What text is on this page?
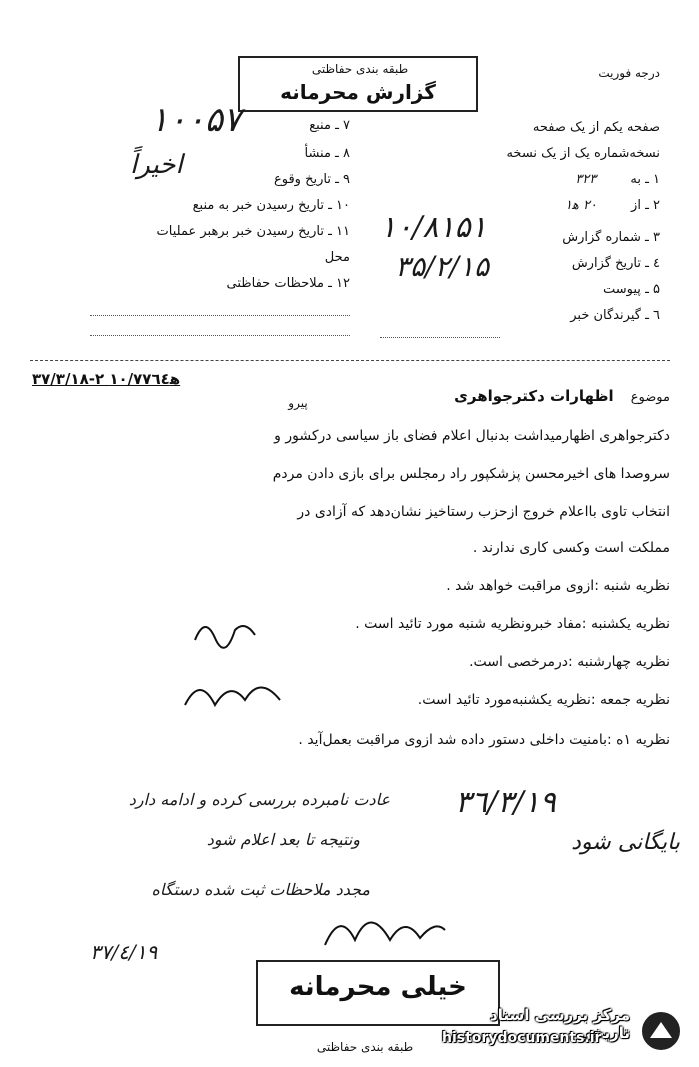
طبقه بندی حفاظتی
گزارش محرمانه
درجه فوریت
صفحه یکم از یک صفحه
نسخه‌شماره یک از یک نسخه
۱ ـ به ۳۲۳
۲ ـ از ۲۰ ه‍۱
۳ ـ شماره گزارش
٤ ـ تاریخ گزارش
۵ ـ پیوست
٦ ـ گیرندگان خبر
۷ ـ منبع
۸ ـ منشأ
۹ ـ تاریخ وقوع
۱۰ ـ تاریخ رسیدن خبر به منبع
۱۱ ـ تاریخ رسیدن خبر برهبر عملیات
محل
۱۲ ـ ملاحظات حفاظتی
۱۰۰۵۷
اخیراً
۱۰/۸۱۵۱
۳۵/۲/۱۵
۳۷/۳/۱۸-۲ ه‍۱۰/۷۷٦٤
پیرو	موضوع اظهارات دکترجواهری
دکترجواهری اظهارمیداشت بدنبال اعلام فضای باز سیاسی درکشور و
سروصدا های اخیرمحسن پزشکپور راد رمجلس برای بازی دادن مردم
انتخاب تاوی بااعلام خروج ازحزب رستاخیز نشان‌دهد که آزادی در
مملکت است وکسی کاری ندارند .
نظریه شنبه :ازوی مراقبت خواهد شد .
نظریه یکشنبه :مفاد خبرونظریه شنبه مورد تائید است .
نظریه چهارشنبه :درمرخصی است.
نظریه جمعه :نظریه یکشنبه‌مورد تائید است.
نظریه ۱ه :بامنیت داخلی دستور داده شد ازوی مراقبت بعمل‌آید .
عادت نامبرده بررسی کرده و ادامه دارد
ونتیجه تا بعد اعلام شود
مجدد ملاحظات ثبت شده دستگاه
۳۷/٤/۱۹
۳٦/۳/۱۹
بایگانی شود
خیلی محرمانه
طبقه بندی حفاظتی
مرکز بررسی اسناد تاریخی
historydocuments.ir
